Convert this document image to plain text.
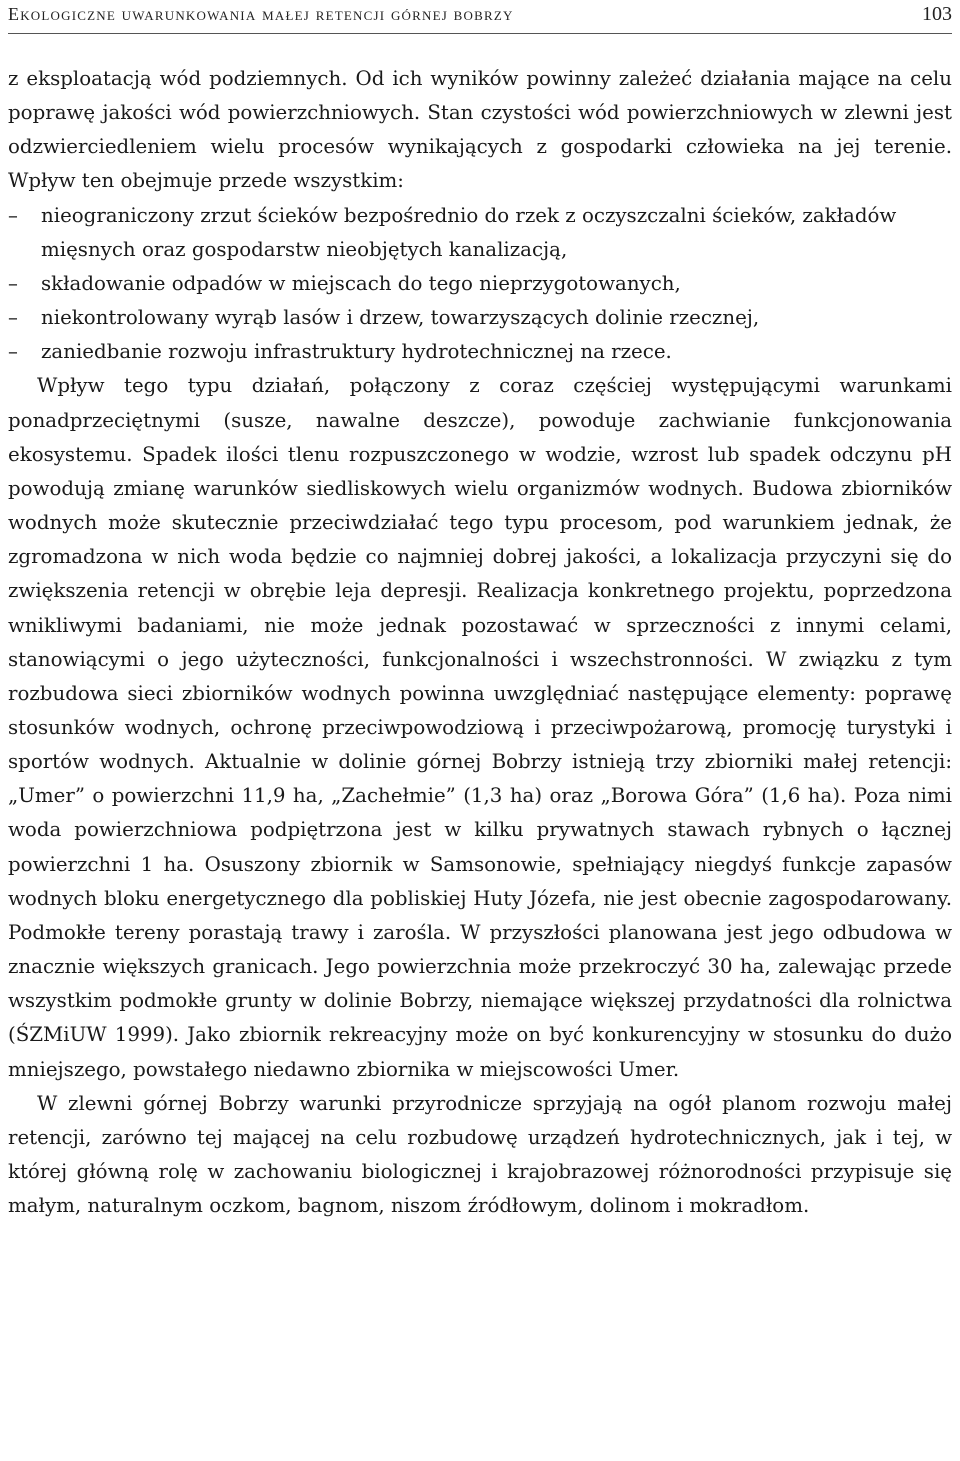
Ekologiczne uwarunkowania małej retencji górnej bobrzy	103

z eksploatacją wód podziemnych. Od ich wyników powinny zależeć działania mające na celu poprawę jakości wód powierzchniowych. Stan czystości wód powierzchniowych w zlewni jest odzwierciedleniem wielu procesów wynikających z gospodarki człowieka na jej terenie. Wpływ ten obejmuje przede wszystkim:

– nieograniczony zrzut ścieków bezpośrednio do rzek z oczyszczalni ścieków, zakładów mięsnych oraz gospodarstw nieobjętych kanalizacją,
– składowanie odpadów w miejscach do tego nieprzygotowanych,
– niekontrolowany wyrąb lasów i drzew, towarzyszących dolinie rzecznej,
– zaniedbanie rozwoju infrastruktury hydrotechnicznej na rzece.

Wpływ tego typu działań, połączony z coraz częściej występującymi warunkami ponadprzeciętnymi (susze, nawalne deszcze), powoduje zachwianie funkcjonowania ekosystemu. Spadek ilości tlenu rozpuszczonego w wodzie, wzrost lub spadek odczynu pH powodują zmianę warunków siedliskowych wielu organizmów wodnych. Budowa zbiorników wodnych może skutecznie przeciwdziałać tego typu procesom, pod warunkiem jednak, że zgromadzona w nich woda będzie co najmniej dobrej jakości, a lokalizacja przyczyni się do zwiększenia retencji w obrębie leja depresji. Realizacja konkretnego projektu, poprzedzona wnikliwymi badaniami, nie może jednak pozostawać w sprzeczności z innymi celami, stanowiącymi o jego użyteczności, funkcjonalności i wszechstronności. W związku z tym rozbudowa sieci zbiorników wodnych powinna uwzględniać następujące elementy: poprawę stosunków wodnych, ochronę przeciwpowodziową i przeciwpożarową, promocję turystyki i sportów wodnych. Aktualnie w dolinie górnej Bobrzy istnieją trzy zbiorniki małej retencji: „Umer” o powierzchni 11,9 ha, „Zachełmie” (1,3 ha) oraz „Borowa Góra” (1,6 ha). Poza nimi woda powierzchniowa podpiętrzona jest w kilku prywatnych stawach rybnych o łącznej powierzchni 1 ha. Osuszony zbiornik w Samsonowie, spełniający niegdyś funkcje zapasów wodnych bloku energetycznego dla pobliskiej Huty Józefa, nie jest obecnie zagospodarowany. Podmokłe tereny porastają trawy i zarośla. W przyszłości planowana jest jego odbudowa w znacznie większych granicach. Jego powierzchnia może przekroczyć 30 ha, zalewając przede wszystkim podmokłe grunty w dolinie Bobrzy, niemające większej przydatności dla rolnictwa (ŚZMiUW 1999). Jako zbiornik rekreacyjny może on być konkurencyjny w stosunku do dużo mniejszego, powstałego niedawno zbiornika w miejscowości Umer.

W zlewni górnej Bobrzy warunki przyrodnicze sprzyjają na ogół planom rozwoju małej retencji, zarówno tej mającej na celu rozbudowę urządzeń hydrotechnicznych, jak i tej, w której główną rolę w zachowaniu biologicznej i krajobrazowej różnorodności przypisuje się małym, naturalnym oczkom, bagnom, niszom źródłowym, dolinom i mokradłom.
